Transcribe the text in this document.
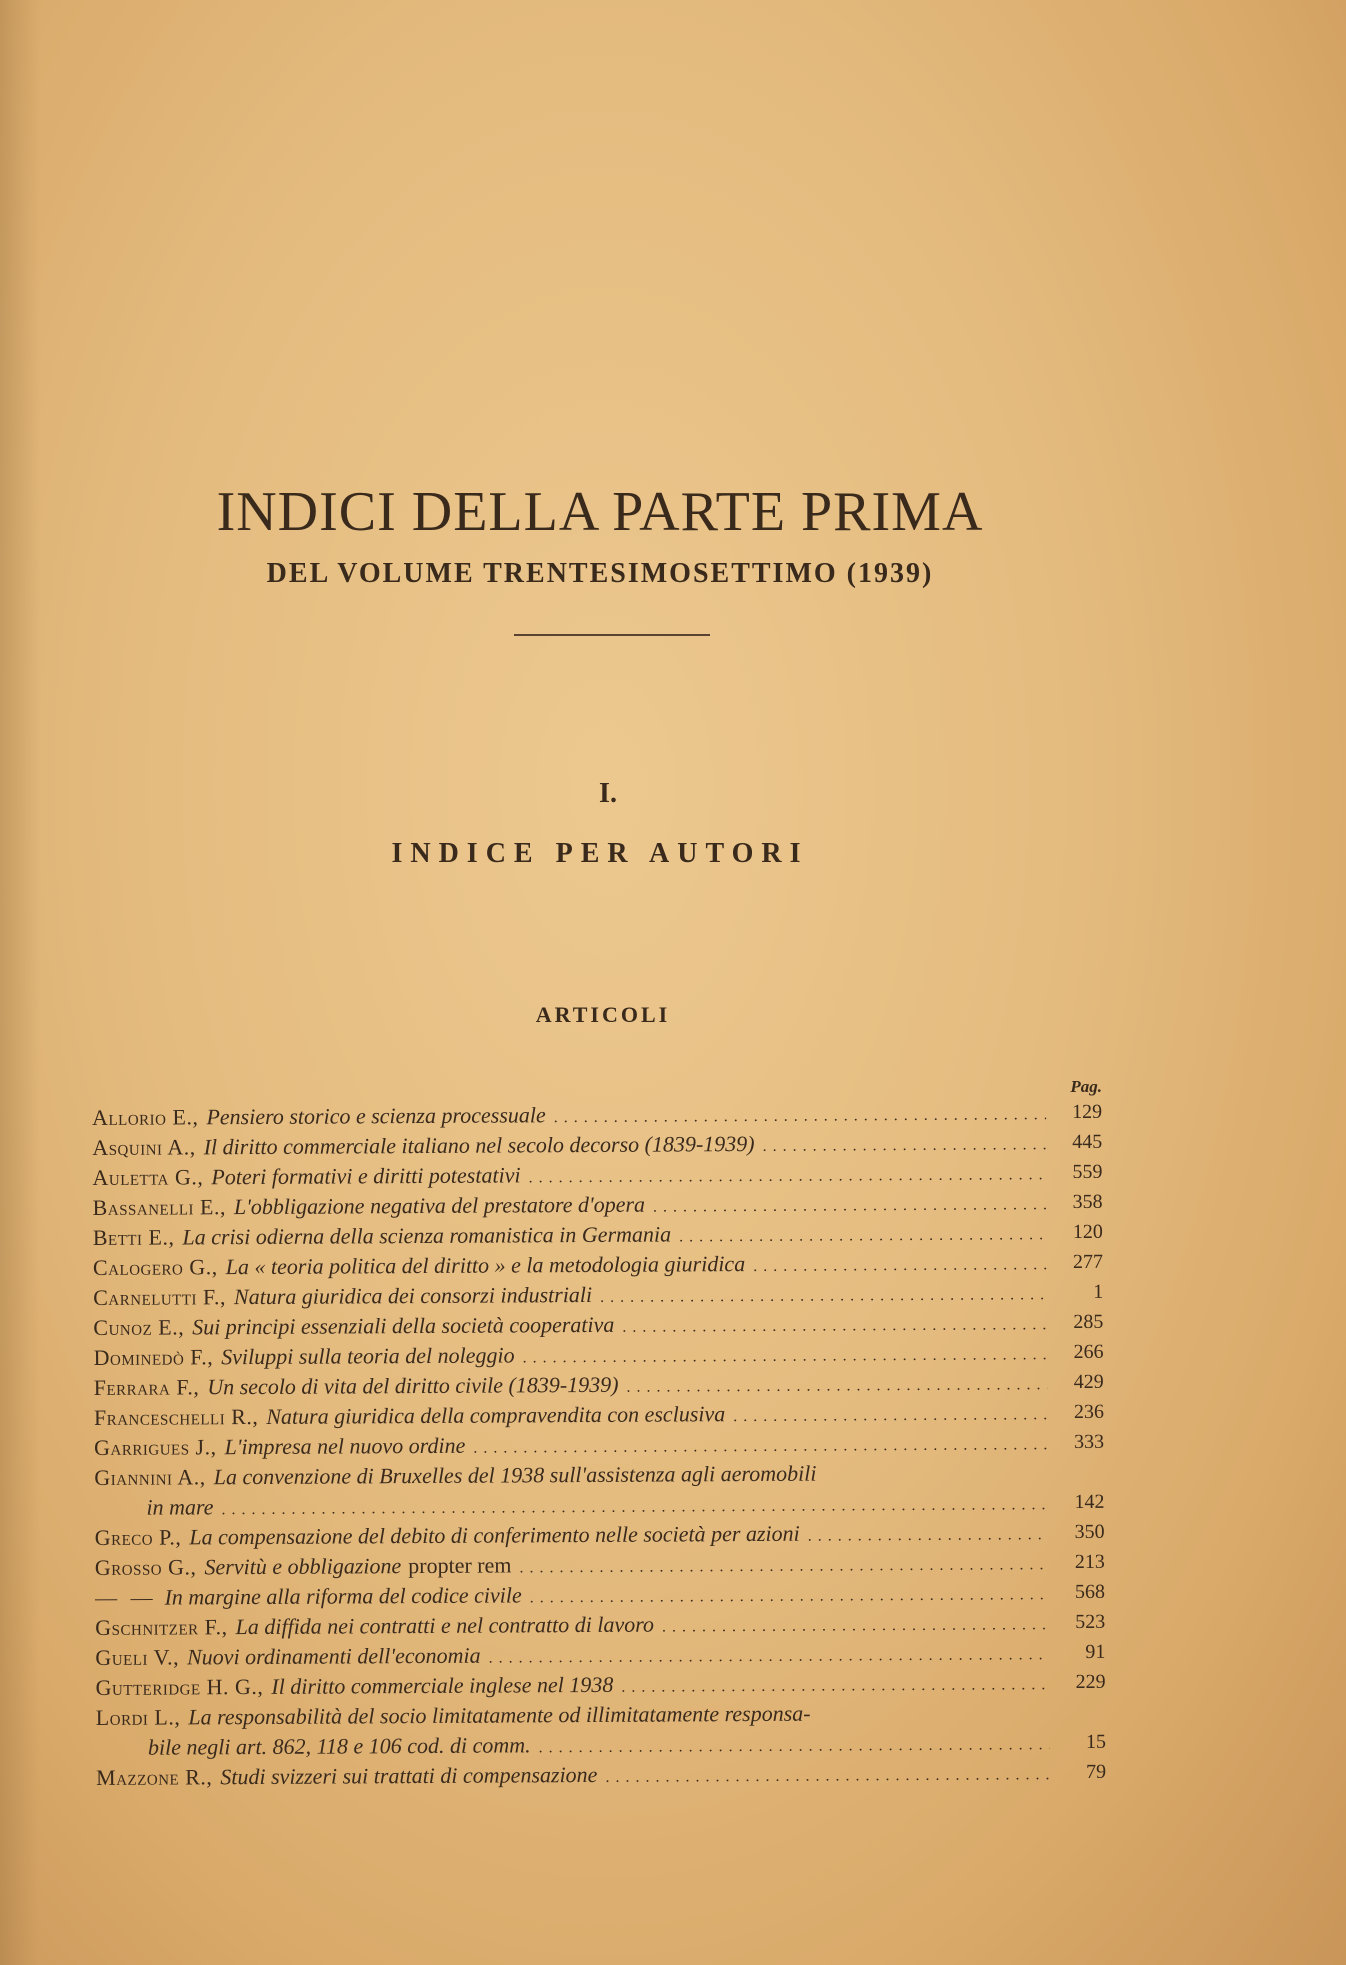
INDICI DELLA PARTE PRIMA
DEL VOLUME TRENTESIMOSETTIMO (1939)
I.
INDICE PER AUTORI
ARTICOLI
Pag.
Allorio E., Pensiero storico e scienza processuale . . .	129
Asquini A., Il diritto commerciale italiano nel secolo decorso (1839-1939) . . .	445
Auletta G., Poteri formativi e diritti potestativi . . .	559
Bassanelli E., L'obbligazione negativa del prestatore d'opera . . .	358
Betti E., La crisi odierna della scienza romanistica in Germania . . .	120
Calogero G., La « teoria politica del diritto » e la metodologia giuridica . . .	277
Carnelutti F., Natura giuridica dei consorzi industriali . . .	1
Cunoz E., Sui principi essenziali della società cooperativa . . .	285
Dominedò F., Sviluppi sulla teoria del noleggio . . .	266
Ferrara F., Un secolo di vita del diritto civile (1839-1939) . . .	429
Franceschelli R., Natura giuridica della compravendita con esclusiva . . .	236
Garrigues J., L'impresa nel nuovo ordine . . .	333
Giannini A., La convenzione di Bruxelles del 1938 sull'assistenza agli aeromobili
in mare . . .	142
Greco P., La compensazione del debito di conferimento nelle società per azioni . . .	350
Grosso G., Servitù e obbligazione propter rem . . .	213
— — In margine alla riforma del codice civile . . .	568
Gschnitzer F., La diffida nei contratti e nel contratto di lavoro . . .	523
Gueli V., Nuovi ordinamenti dell'economia . . .	91
Gutteridge H. G., Il diritto commerciale inglese nel 1938 . . .	229
Lordi L., La responsabilità del socio limitatamente od illimitatamente responsa-
bile negli art. 862, 118 e 106 cod. di comm. . . .	15
Mazzone R., Studi svizzeri sui trattati di compensazione . . .	79
